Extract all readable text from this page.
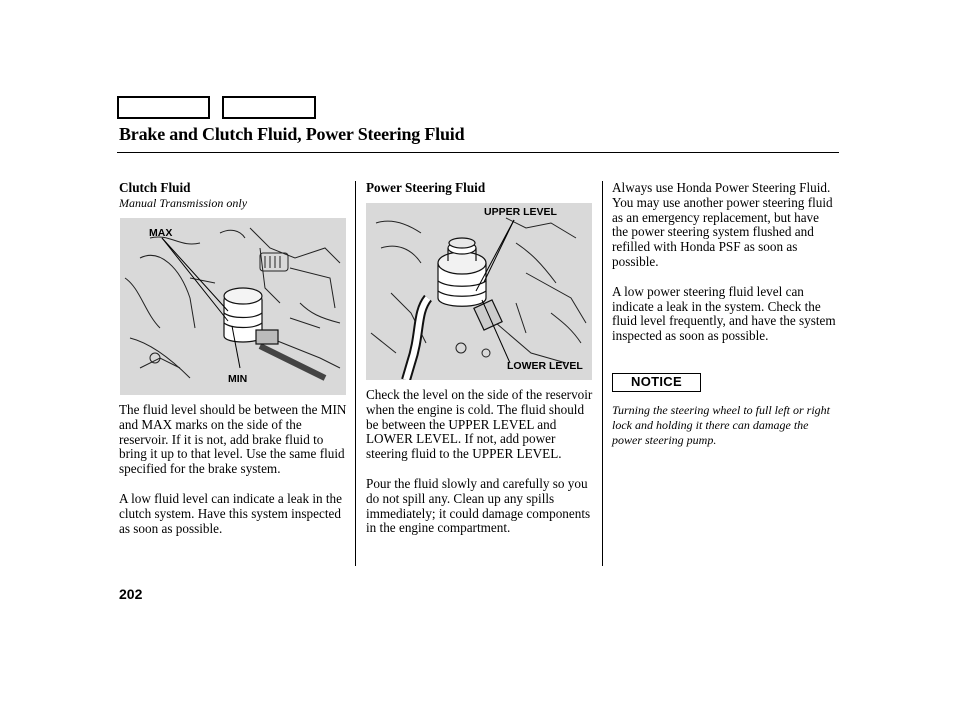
Brake and Clutch Fluid, Power Steering Fluid
Clutch Fluid
Manual Transmission only
MAX
MIN

The fluid level should be between the MIN and MAX marks on the side of the reservoir. If it is not, add brake fluid to bring it up to that level. Use the same fluid specified for the brake system.

A low fluid level can indicate a leak in the clutch system. Have this system inspected as soon as possible.

Power Steering Fluid
UPPER LEVEL
LOWER LEVEL

Check the level on the side of the reservoir when the engine is cold. The fluid should be between the UPPER LEVEL and LOWER LEVEL. If not, add power steering fluid to the UPPER LEVEL.

Pour the fluid slowly and carefully so you do not spill any. Clean up any spills immediately; it could damage components in the engine compartment.

Always use Honda Power Steering Fluid. You may use another power steering fluid as an emergency replacement, but have the power steering system flushed and refilled with Honda PSF as soon as possible.

A low power steering fluid level can indicate a leak in the system. Check the fluid level frequently, and have the system inspected as soon as possible.

NOTICE
Turning the steering wheel to full left or right lock and holding it there can damage the power steering pump.
202
